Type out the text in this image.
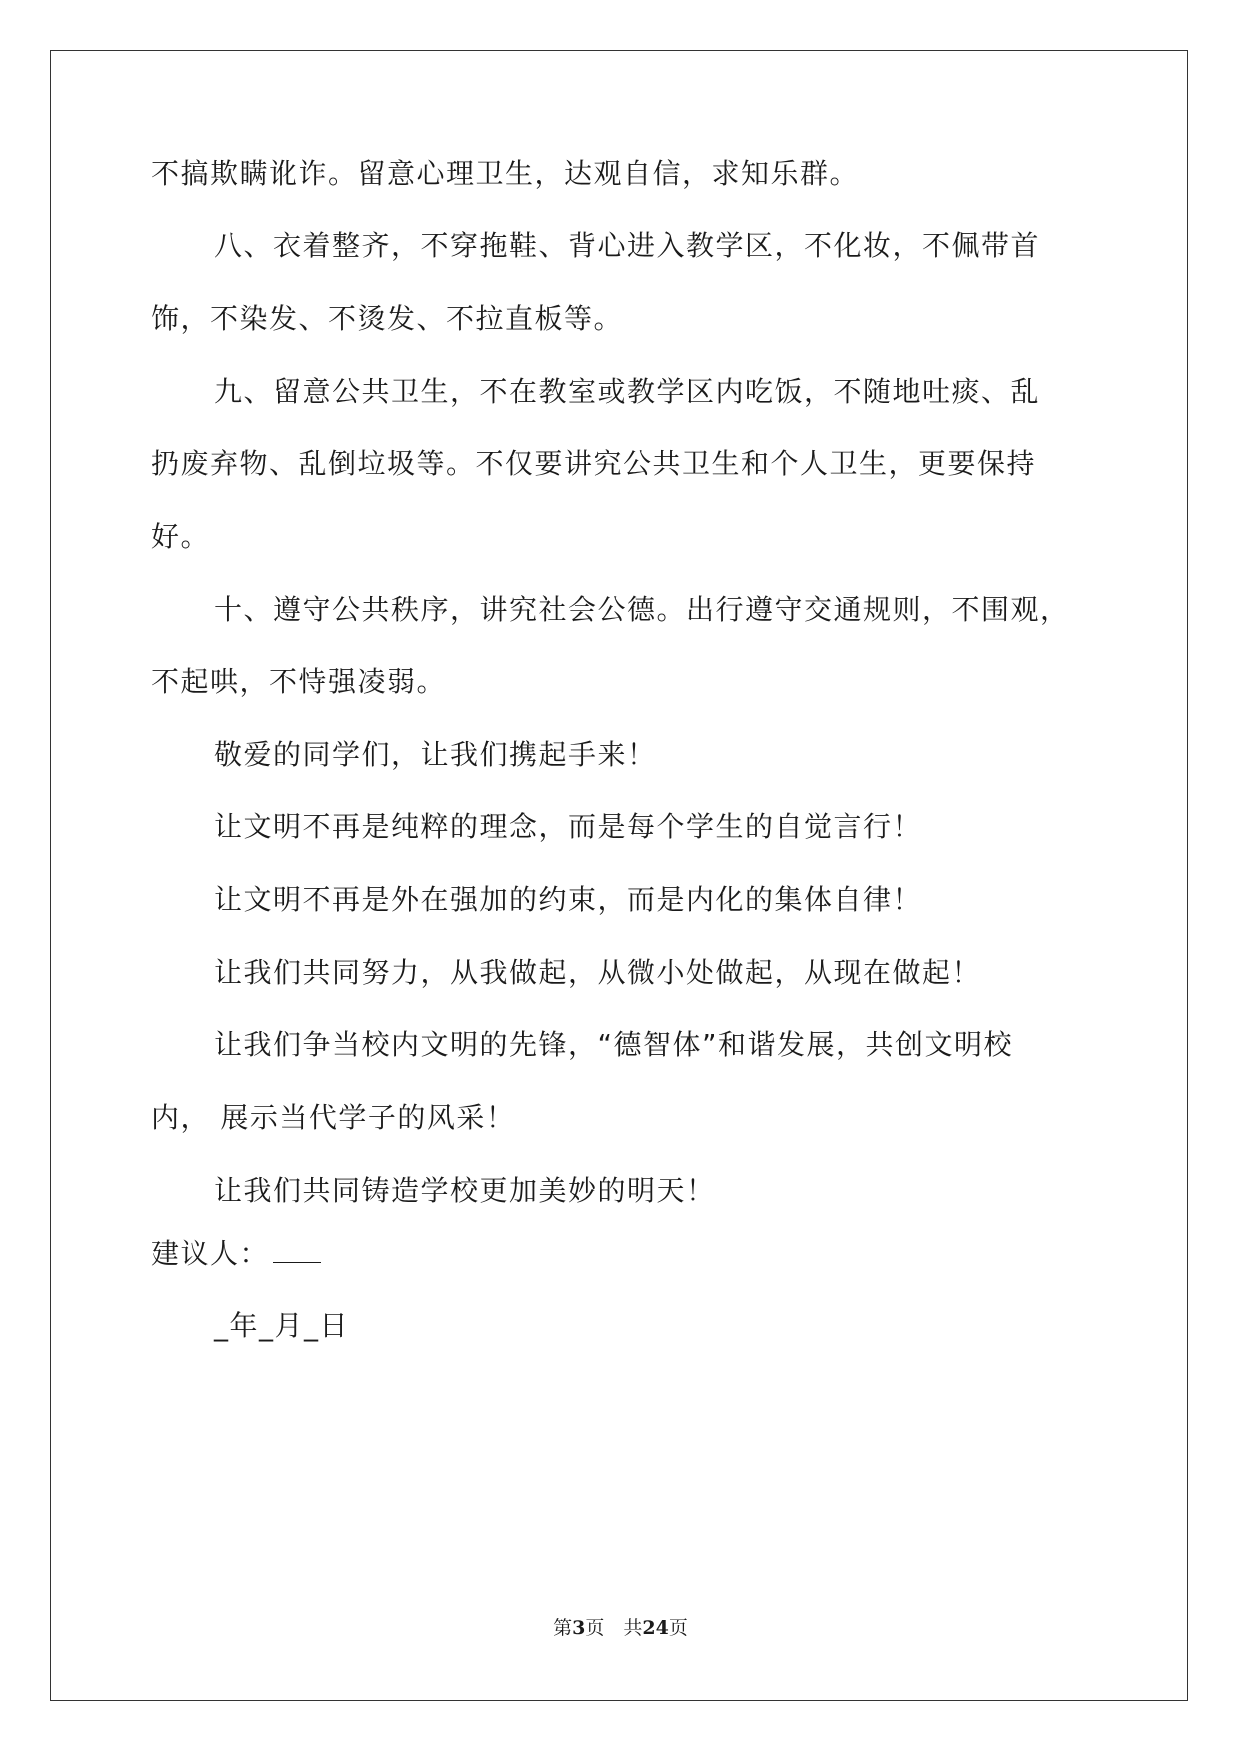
不搞欺瞒讹诈。留意心理卫生，达观自信，求知乐群。
八、衣着整齐，不穿拖鞋、背心进入教学区，不化妆，不佩带首
饰，不染发、不烫发、不拉直板等。
九、留意公共卫生，不在教室或教学区内吃饭，不随地吐痰、乱
扔废弃物、乱倒垃圾等。不仅要讲究公共卫生和个人卫生，更要保持
好。
十、遵守公共秩序，讲究社会公德。出行遵守交通规则，不围观，
不起哄，不恃强凌弱。
敬爱的同学们，让我们携起手来！
让文明不再是纯粹的理念，而是每个学生的自觉言行！
让文明不再是外在强加的约束，而是内化的集体自律！
让我们共同努力，从我做起，从微小处做起，从现在做起！
让我们争当校内文明的先锋，“德智体”和谐发展，共创文明校
内， 展示当代学子的风采！
让我们共同铸造学校更加美妙的明天！
建议人：
_年_月_日
第3页　共24页
